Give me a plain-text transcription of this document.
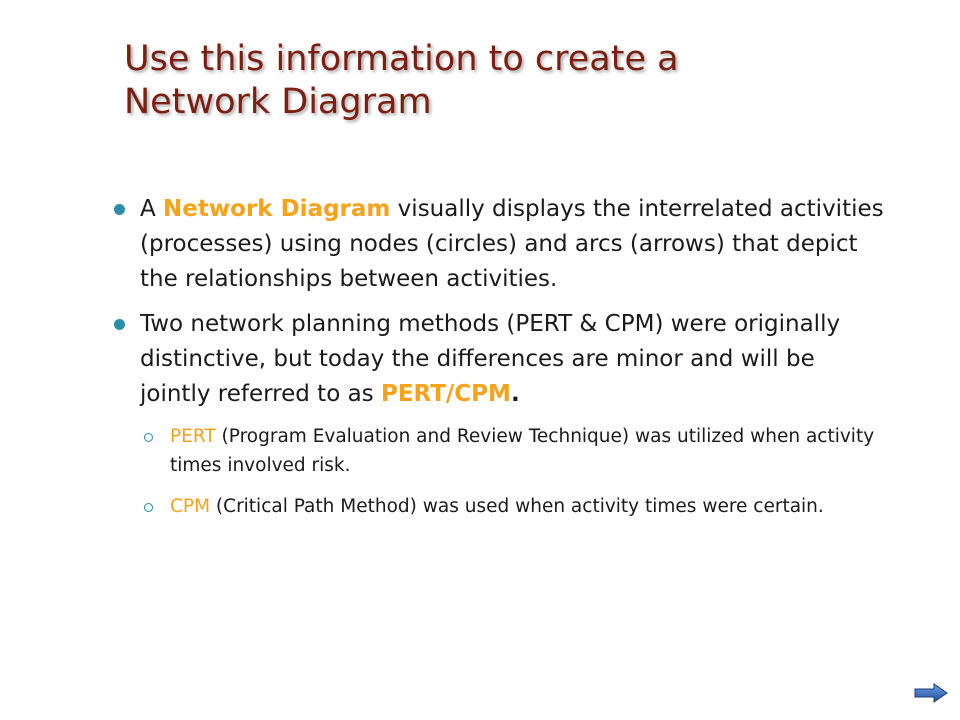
Use this information to create a
Network Diagram
A Network Diagram visually displays the interrelated activities (processes) using nodes (circles) and arcs (arrows) that depict the relationships between activities.
Two network planning methods (PERT & CPM) were originally distinctive, but today the differences are minor and will be jointly referred to as PERT/CPM.
PERT (Program Evaluation and Review Technique) was utilized when activity times involved risk.
CPM (Critical Path Method) was used when activity times were certain.
